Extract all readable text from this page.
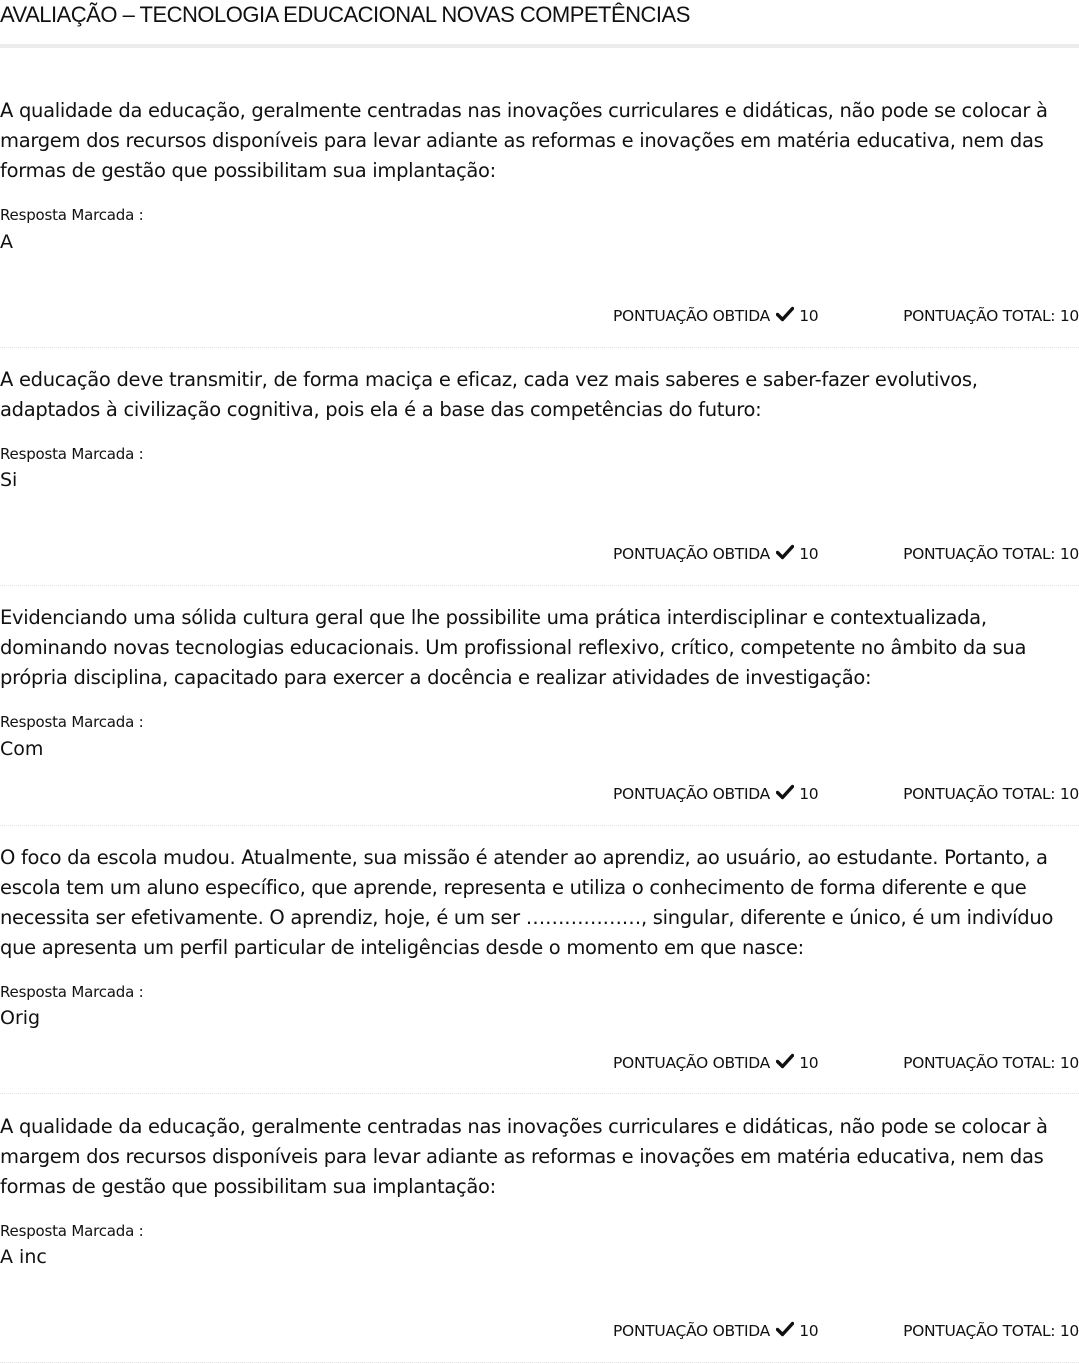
AVALIAÇÃO – TECNOLOGIA EDUCACIONAL NOVAS COMPETÊNCIAS

A qualidade da educação, geralmente centradas nas inovações curriculares e didáticas, não pode se colocar à margem dos recursos disponíveis para levar adiante as reformas e inovações em matéria educativa, nem das formas de gestão que possibilitam sua implantação:

Resposta Marcada :
A
PONTUAÇÃO OBTIDA 10	PONTUAÇÃO TOTAL: 10

A educação deve transmitir, de forma maciça e eficaz, cada vez mais saberes e saber-fazer evolutivos, adaptados à civilização cognitiva, pois ela é a base das competências do futuro:

Resposta Marcada :
Si
PONTUAÇÃO OBTIDA 10	PONTUAÇÃO TOTAL: 10

Evidenciando uma sólida cultura geral que lhe possibilite uma prática interdisciplinar e contextualizada, dominando novas tecnologias educacionais. Um profissional reflexivo, crítico, competente no âmbito da sua própria disciplina, capacitado para exercer a docência e realizar atividades de investigação:

Resposta Marcada :
Com
PONTUAÇÃO OBTIDA 10	PONTUAÇÃO TOTAL: 10

O foco da escola mudou. Atualmente, sua missão é atender ao aprendiz, ao usuário, ao estudante. Portanto, a escola tem um aluno específico, que aprende, representa e utiliza o conhecimento de forma diferente e que necessita ser efetivamente. O aprendiz, hoje, é um ser ………………, singular, diferente e único, é um indivíduo que apresenta um perfil particular de inteligências desde o momento em que nasce:

Resposta Marcada :
Orig
PONTUAÇÃO OBTIDA 10	PONTUAÇÃO TOTAL: 10

A qualidade da educação, geralmente centradas nas inovações curriculares e didáticas, não pode se colocar à margem dos recursos disponíveis para levar adiante as reformas e inovações em matéria educativa, nem das formas de gestão que possibilitam sua implantação:

Resposta Marcada :
A inc
PONTUAÇÃO OBTIDA 10	PONTUAÇÃO TOTAL: 10
